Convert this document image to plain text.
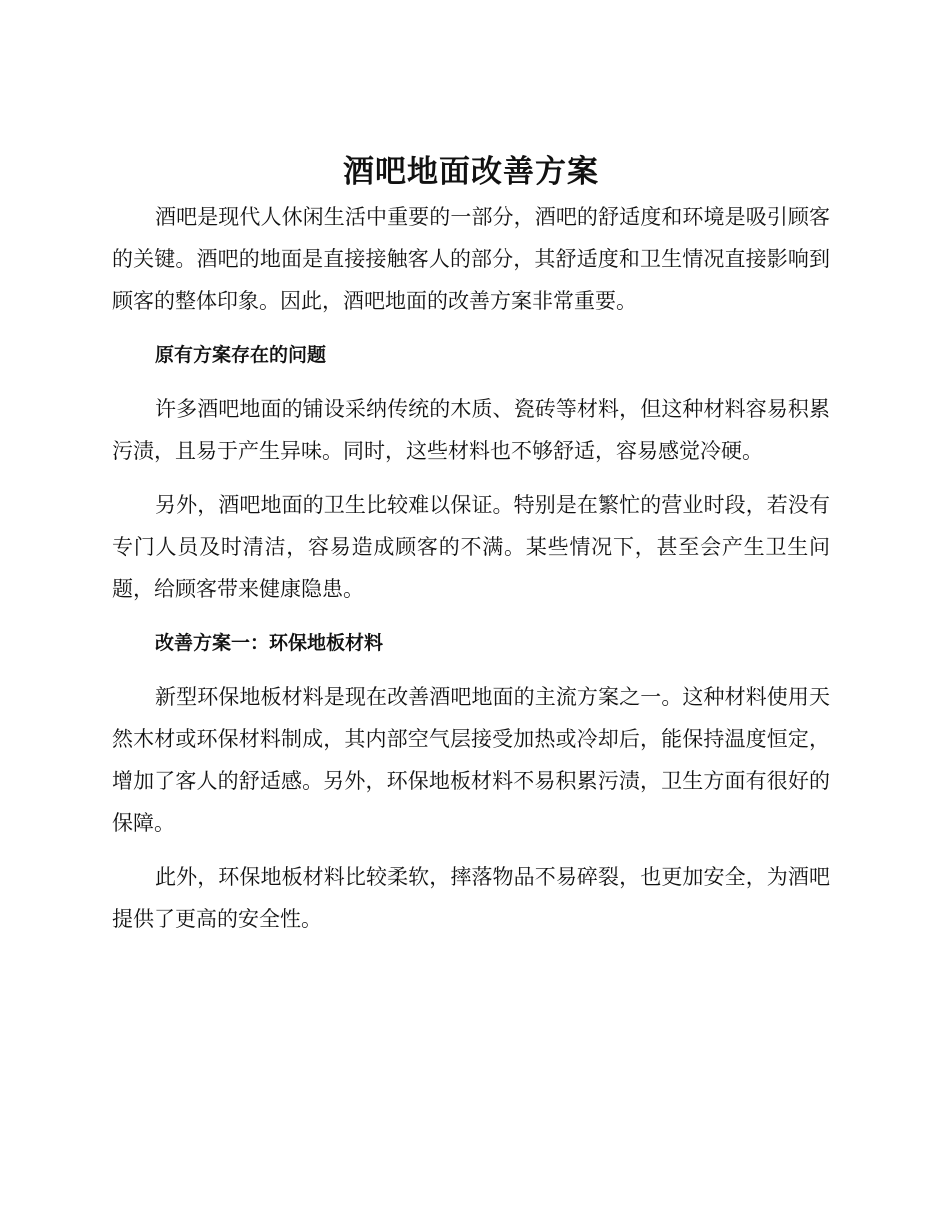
酒吧地面改善方案

酒吧是现代人休闲生活中重要的一部分，酒吧的舒适度和环境是吸引顾客的关键。酒吧的地面是直接接触客人的部分，其舒适度和卫生情况直接影响到顾客的整体印象。因此，酒吧地面的改善方案非常重要。

原有方案存在的问题

许多酒吧地面的铺设采纳传统的木质、瓷砖等材料，但这种材料容易积累污渍，且易于产生异味。同时，这些材料也不够舒适，容易感觉冷硬。

另外，酒吧地面的卫生比较难以保证。特别是在繁忙的营业时段，若没有专门人员及时清洁，容易造成顾客的不满。某些情况下，甚至会产生卫生问题，给顾客带来健康隐患。

改善方案一：环保地板材料

新型环保地板材料是现在改善酒吧地面的主流方案之一。这种材料使用天然木材或环保材料制成，其内部空气层接受加热或冷却后，能保持温度恒定，增加了客人的舒适感。另外，环保地板材料不易积累污渍，卫生方面有很好的保障。

此外，环保地板材料比较柔软，摔落物品不易碎裂，也更加安全，为酒吧提供了更高的安全性。
